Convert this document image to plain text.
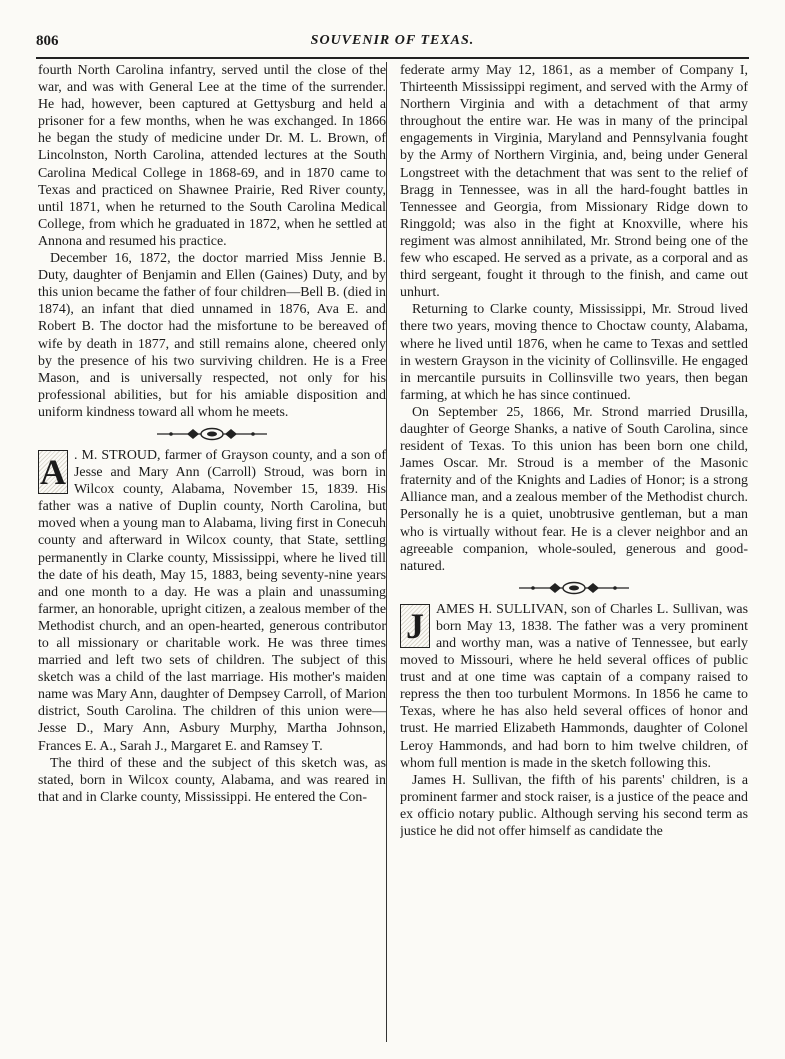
806	SOUVENIR OF TEXAS.

fourth North Carolina infantry, served until the close of the war, and was with General Lee at the time of the surrender. He had, however, been captured at Gettysburg and held a prisoner for a few months, when he was exchanged. In 1866 he began the study of medicine under Dr. M. L. Brown, of Lincolnston, North Carolina, attended lectures at the South Carolina Medical College in 1868-69, and in 1870 came to Texas and practiced on Shawnee Prairie, Red River county, until 1871, when he returned to the South Carolina Medical College, from which he graduated in 1872, when he settled at Annona and resumed his practice.

December 16, 1872, the doctor married Miss Jennie B. Duty, daughter of Benjamin and Ellen (Gaines) Duty, and by this union became the father of four children—Bell B. (died in 1874), an infant that died unnamed in 1876, Ava E. and Robert B. The doctor had the misfortune to be bereaved of wife by death in 1877, and still remains alone, cheered only by the presence of his two surviving children. He is a Free Mason, and is universally respected, not only for his professional abilities, but for his amiable disposition and uniform kindness toward all whom he meets.

A . M. STROUD, farmer of Grayson county, and a son of Jesse and Mary Ann (Carroll) Stroud, was born in Wilcox county, Alabama, November 15, 1839. His father was a native of Duplin county, North Carolina, but moved when a young man to Alabama, living first in Conecuh county and afterward in Wilcox county, that State, settling permanently in Clarke county, Mississippi, where he lived till the date of his death, May 15, 1883, being seventy-nine years and one month to a day. He was a plain and unassuming farmer, an honorable, upright citizen, a zealous member of the Methodist church, and an open-hearted, generous contributor to all missionary or charitable work. He was three times married and left two sets of children. The subject of this sketch was a child of the last marriage. His mother's maiden name was Mary Ann, daughter of Dempsey Carroll, of Marion district, South Carolina. The children of this union were—Jesse D., Mary Ann, Asbury Murphy, Martha Johnson, Frances E. A., Sarah J., Margaret E. and Ramsey T.

The third of these and the subject of this sketch was, as stated, born in Wilcox county, Alabama, and was reared in that and in Clarke county, Mississippi. He entered the Con-

federate army May 12, 1861, as a member of Company I, Thirteenth Mississippi regiment, and served with the Army of Northern Virginia and with a detachment of that army throughout the entire war. He was in many of the principal engagements in Virginia, Maryland and Pennsylvania fought by the Army of Northern Virginia, and, being under General Longstreet with the detachment that was sent to the relief of Bragg in Tennessee, was in all the hard-fought battles in Tennessee and Georgia, from Missionary Ridge down to Ringgold; was also in the fight at Knoxville, where his regiment was almost annihilated, Mr. Strond being one of the few who escaped. He served as a private, as a corporal and as third sergeant, fought it through to the finish, and came out unhurt.

Returning to Clarke county, Mississippi, Mr. Stroud lived there two years, moving thence to Choctaw county, Alabama, where he lived until 1876, when he came to Texas and settled in western Grayson in the vicinity of Collinsville. He engaged in mercantile pursuits in Collinsville two years, then began farming, at which he has since continued.

On September 25, 1866, Mr. Strond married Drusilla, daughter of George Shanks, a native of South Carolina, since resident of Texas. To this union has been born one child, James Oscar. Mr. Stroud is a member of the Masonic fraternity and of the Knights and Ladies of Honor; is a strong Alliance man, and a zealous member of the Methodist church. Personally he is a quiet, unobtrusive gentleman, but a man who is virtually without fear. He is a clever neighbor and an agreeable companion, whole-souled, generous and good-natured.

J AMES H. SULLIVAN, son of Charles L. Sullivan, was born May 13, 1838. The father was a very prominent and worthy man, was a native of Tennessee, but early moved to Missouri, where he held several offices of public trust and at one time was captain of a company raised to repress the then too turbulent Mormons. In 1856 he came to Texas, where he has also held several offices of honor and trust. He married Elizabeth Hammonds, daughter of Colonel Leroy Hammonds, and had born to him twelve children, of whom full mention is made in the sketch following this.

James H. Sullivan, the fifth of his parents' children, is a prominent farmer and stock raiser, is a justice of the peace and ex officio notary public. Although serving his second term as justice he did not offer himself as candidate the
